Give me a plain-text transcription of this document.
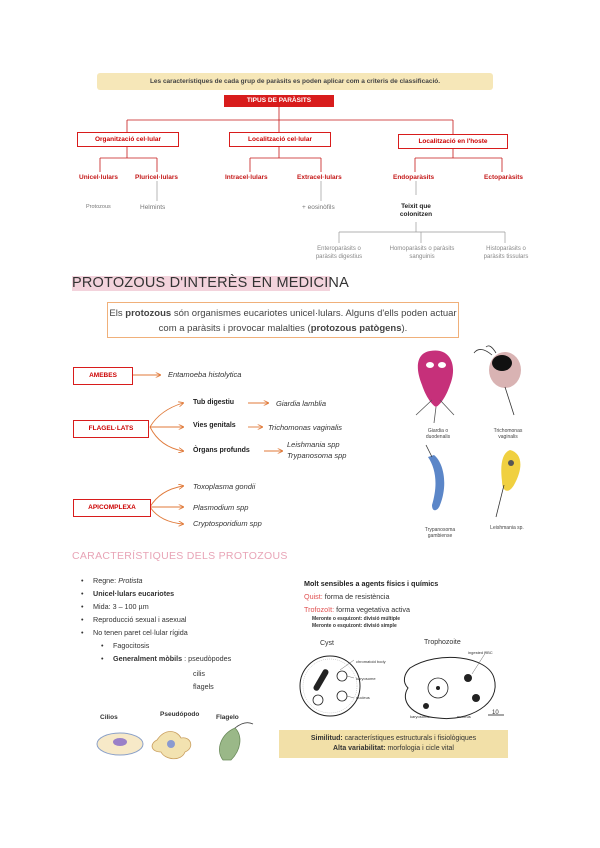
Les característiques de cada grup de paràsits es poden aplicar com a criteris de classificació.
TIPUS DE PARÀSITS
Organització cel·lular	Localització cel·lular	Localització en l'hoste
Unicel·lulars	Pluricel·lulars
Protozous	Helmints
Intracel·lulars	Extracel·lulars
+ eosinòfils
Endoparàsits	Ectoparàsits
Teixit que colonitzen
Enteroparàsits o paràsits digestius
Homoparàsits o paràsits sanguinis
Histoparàsits o paràsits tissulars
PROTOZOUS D'INTERÈS EN MEDICINA
Els protozous són organismes eucariotes unicel·lulars. Alguns d'ells poden actuar com a paràsits i provocar malalties (protozous patògens).
AMEBES	Entamoeba histolytica
FLAGEL·LATS
Tub digestiu	Giardia lamblia
Vies genitals	Trichomonas vaginalis
Òrgans profunds
Leishmania spp
Trypanosoma spp
APICOMPLEXA
Toxoplasma gondii
Plasmodium spp
Cryptosporidium spp
Giardia o duodenalis
Trichomonas vaginalis
Trypanosoma gambiense
Leishmania sp.
CARACTERÍSTIQUES DELS PROTOZOUS
• Regne: Protista
• Unicel·lulars eucariotes
• Mida: 3 – 100 µm
• Reproducció sexual i asexual
• No tenen paret cel·lular rígida
• Fagocitosis
• Generalment mòbils : pseudòpodes
cilis
flagels
Cilios	Pseudópodo	Flagelo
Molt sensibles a agents físics i químics
Quist: forma de resistència
Trofozoït: forma vegetativa activa
Meronte o esquizont: divisió múltiple
Meronte o esquizont: divisió simple
Cyst	Trophozoite
chromatoid body
karyosome
nucleus
ingested RBC
karyosome	nucleus
10
Similitud: característiques estructurals i fisiològiques
Alta variabilitat: morfologia i cicle vital
